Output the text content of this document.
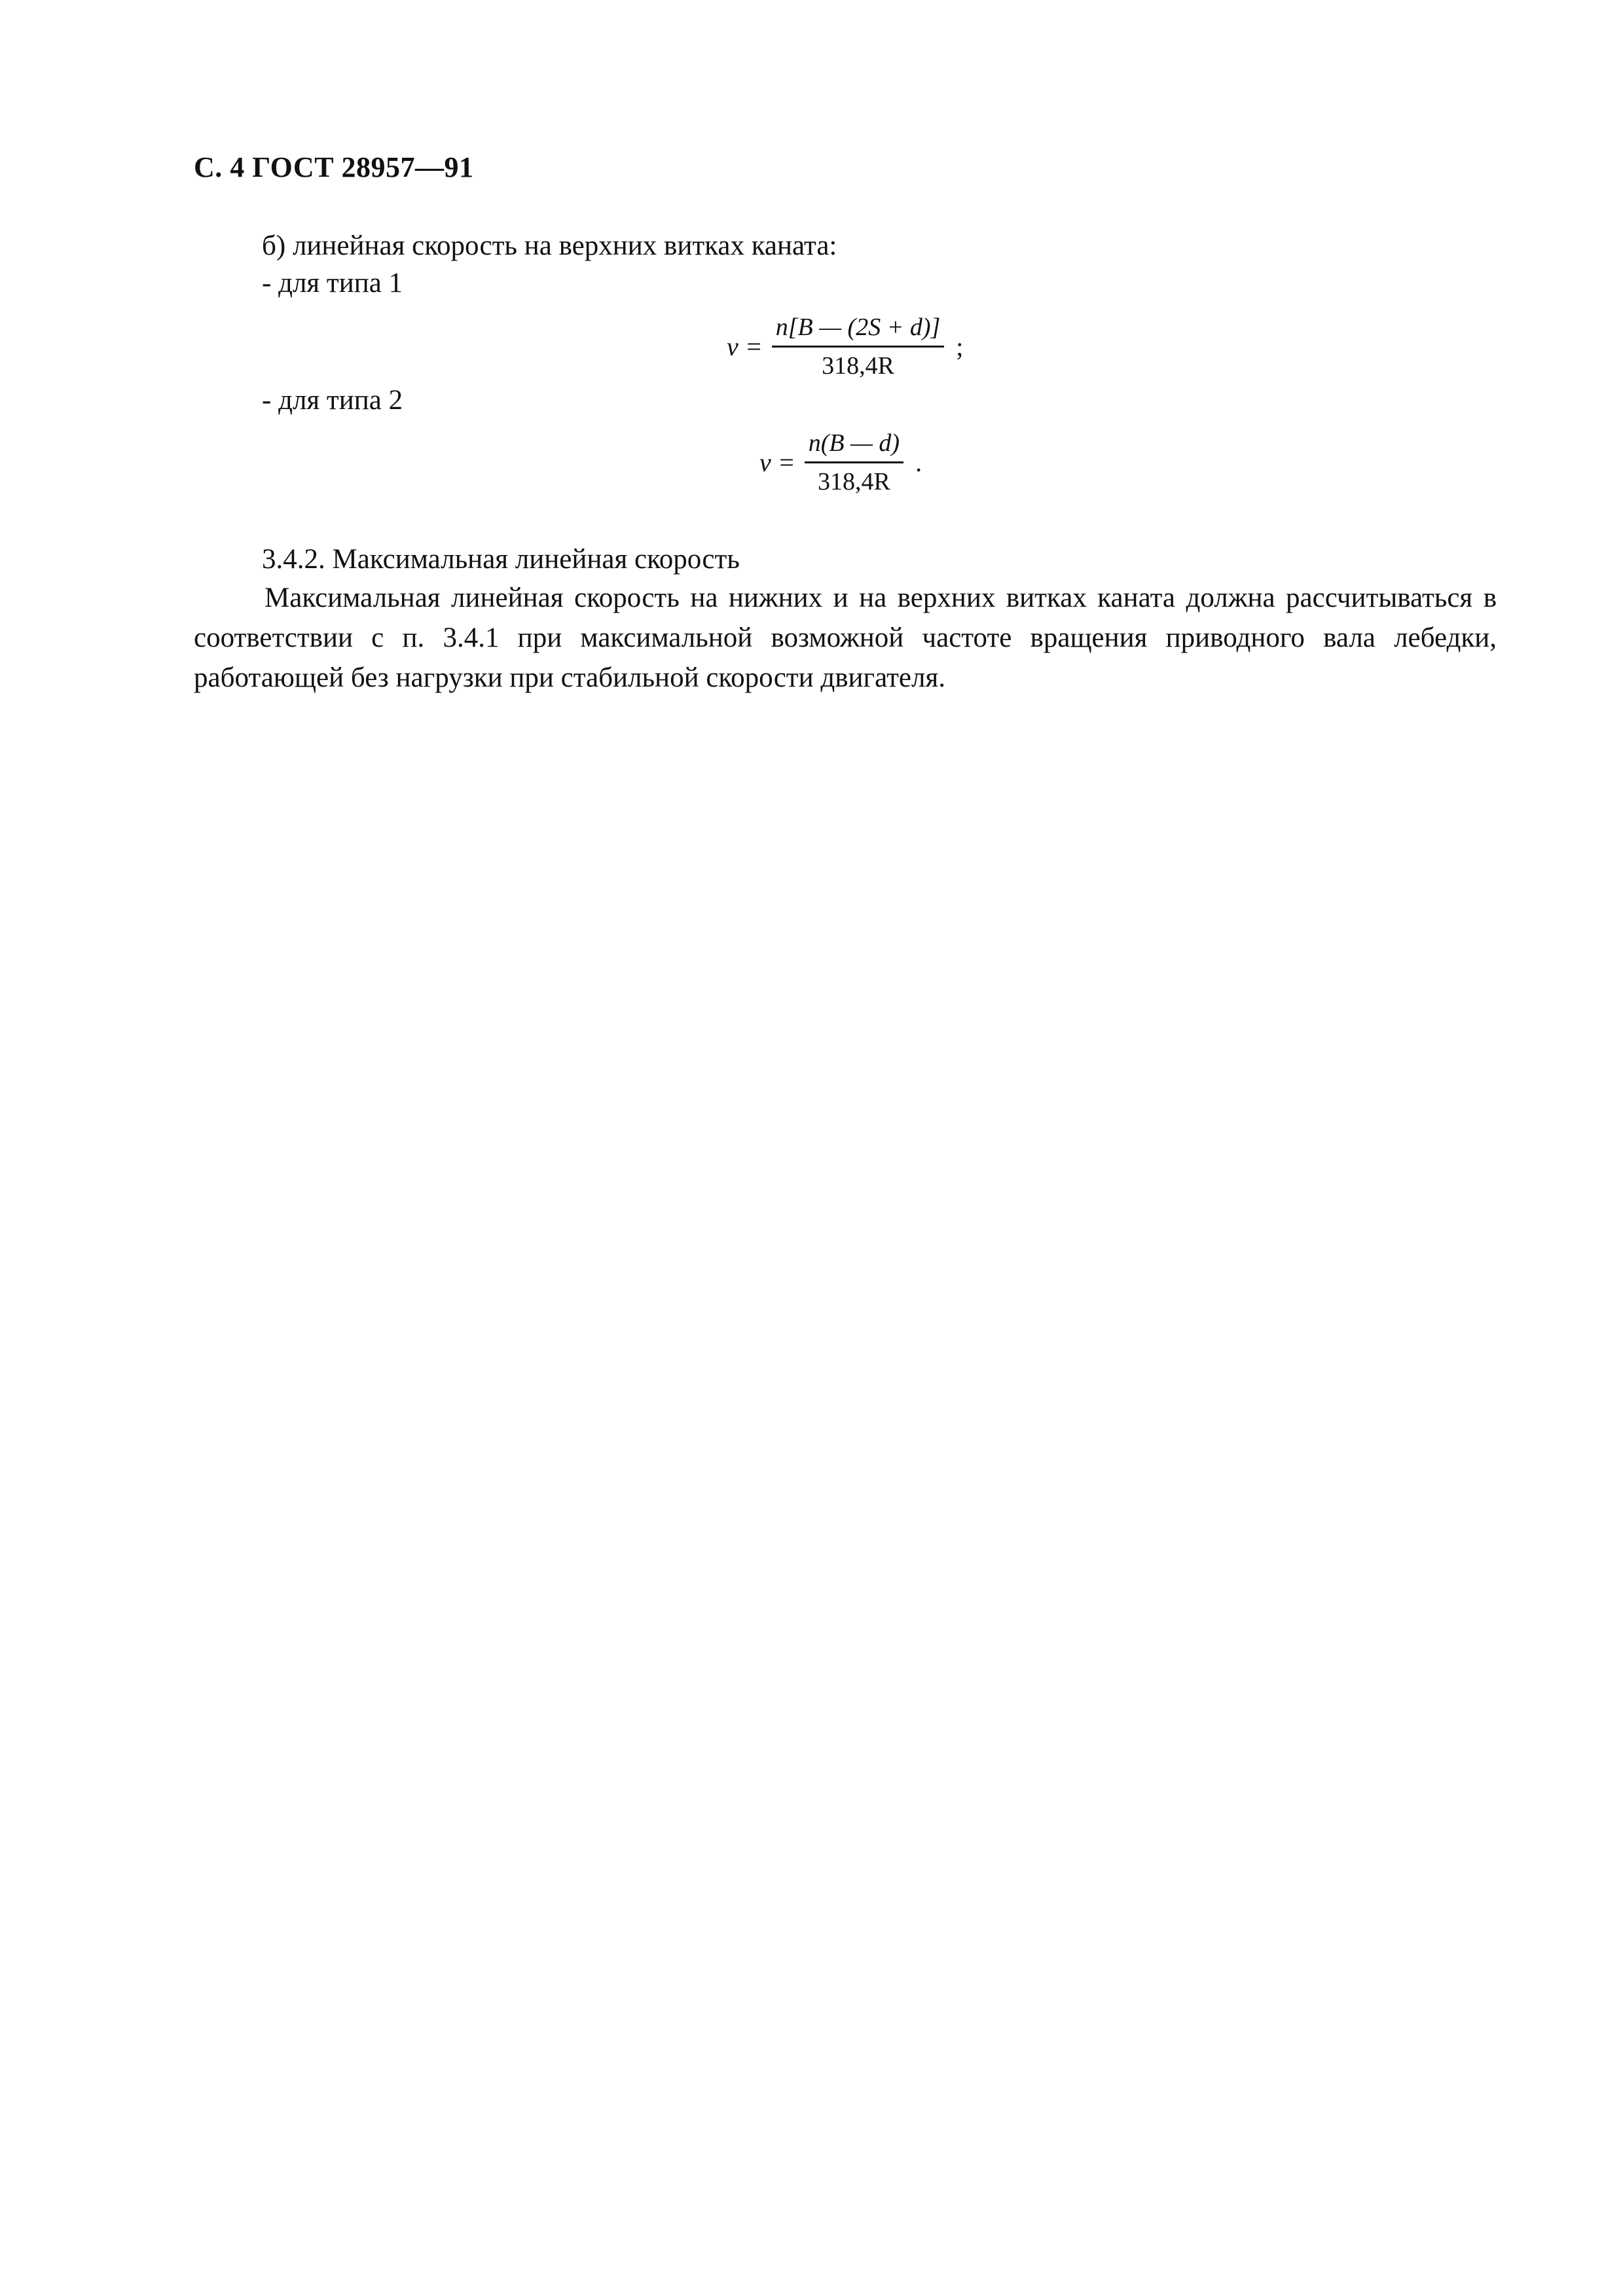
С. 4 ГОСТ 28957—91
б) линейная скорость на верхних витках каната:
- для типа 1
$v = \frac{n[B — (2S + d)]}{318,4R}$ ;
- для типа 2
$v = \frac{n(B — d)}{318,4R}$ .
3.4.2. Максимальная линейная скорость
Максимальная линейная скорость на нижних и на верхних витках каната должна рассчитываться в соответствии с п. 3.4.1 при максимальной возможной частоте вращения приводного вала лебедки, работающей без нагрузки при стабильной скорости двигателя.
